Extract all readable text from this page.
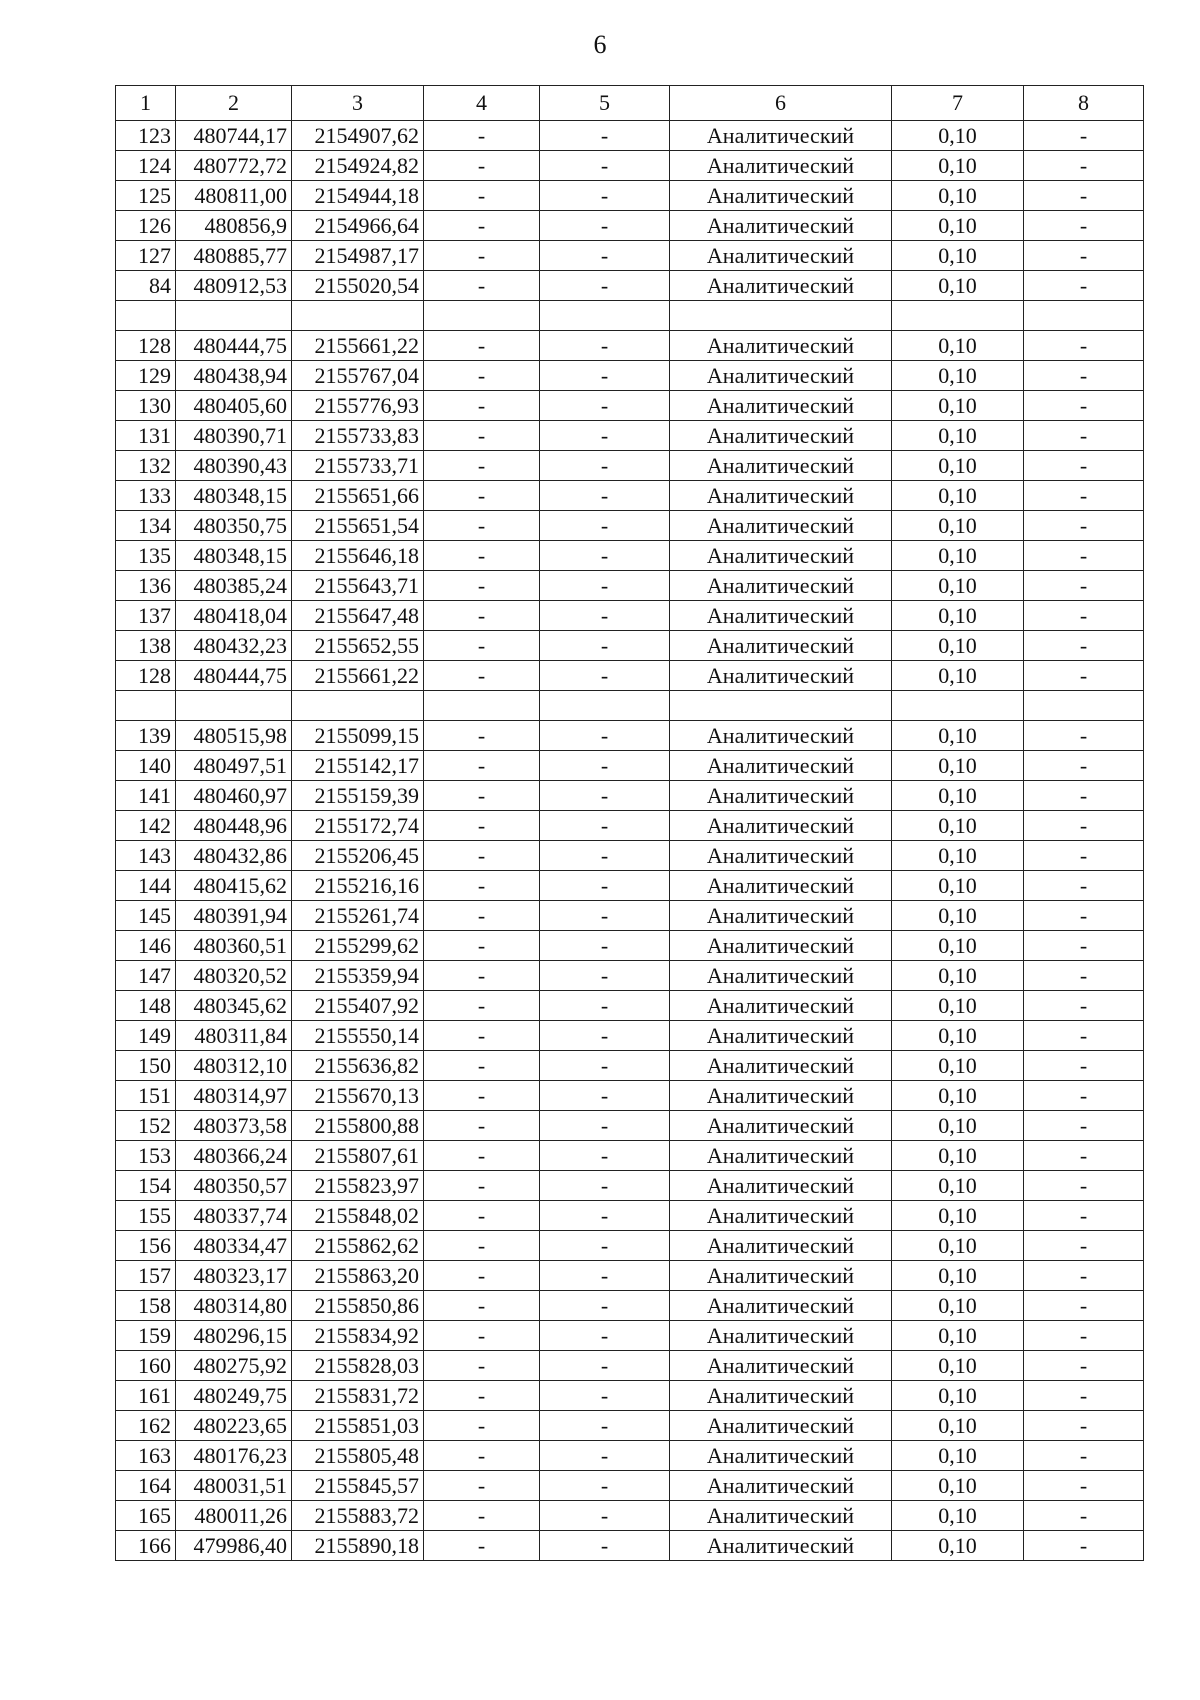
6
1	2	3	4	5	6	7	8
123	480744,17	2154907,62	-	-	Аналитический	0,10	-
124	480772,72	2154924,82	-	-	Аналитический	0,10	-
125	480811,00	2154944,18	-	-	Аналитический	0,10	-
126	480856,9	2154966,64	-	-	Аналитический	0,10	-
127	480885,77	2154987,17	-	-	Аналитический	0,10	-
84	480912,53	2155020,54	-	-	Аналитический	0,10	-

128	480444,75	2155661,22	-	-	Аналитический	0,10	-
129	480438,94	2155767,04	-	-	Аналитический	0,10	-
130	480405,60	2155776,93	-	-	Аналитический	0,10	-
131	480390,71	2155733,83	-	-	Аналитический	0,10	-
132	480390,43	2155733,71	-	-	Аналитический	0,10	-
133	480348,15	2155651,66	-	-	Аналитический	0,10	-
134	480350,75	2155651,54	-	-	Аналитический	0,10	-
135	480348,15	2155646,18	-	-	Аналитический	0,10	-
136	480385,24	2155643,71	-	-	Аналитический	0,10	-
137	480418,04	2155647,48	-	-	Аналитический	0,10	-
138	480432,23	2155652,55	-	-	Аналитический	0,10	-
128	480444,75	2155661,22	-	-	Аналитический	0,10	-

139	480515,98	2155099,15	-	-	Аналитический	0,10	-
140	480497,51	2155142,17	-	-	Аналитический	0,10	-
141	480460,97	2155159,39	-	-	Аналитический	0,10	-
142	480448,96	2155172,74	-	-	Аналитический	0,10	-
143	480432,86	2155206,45	-	-	Аналитический	0,10	-
144	480415,62	2155216,16	-	-	Аналитический	0,10	-
145	480391,94	2155261,74	-	-	Аналитический	0,10	-
146	480360,51	2155299,62	-	-	Аналитический	0,10	-
147	480320,52	2155359,94	-	-	Аналитический	0,10	-
148	480345,62	2155407,92	-	-	Аналитический	0,10	-
149	480311,84	2155550,14	-	-	Аналитический	0,10	-
150	480312,10	2155636,82	-	-	Аналитический	0,10	-
151	480314,97	2155670,13	-	-	Аналитический	0,10	-
152	480373,58	2155800,88	-	-	Аналитический	0,10	-
153	480366,24	2155807,61	-	-	Аналитический	0,10	-
154	480350,57	2155823,97	-	-	Аналитический	0,10	-
155	480337,74	2155848,02	-	-	Аналитический	0,10	-
156	480334,47	2155862,62	-	-	Аналитический	0,10	-
157	480323,17	2155863,20	-	-	Аналитический	0,10	-
158	480314,80	2155850,86	-	-	Аналитический	0,10	-
159	480296,15	2155834,92	-	-	Аналитический	0,10	-
160	480275,92	2155828,03	-	-	Аналитический	0,10	-
161	480249,75	2155831,72	-	-	Аналитический	0,10	-
162	480223,65	2155851,03	-	-	Аналитический	0,10	-
163	480176,23	2155805,48	-	-	Аналитический	0,10	-
164	480031,51	2155845,57	-	-	Аналитический	0,10	-
165	480011,26	2155883,72	-	-	Аналитический	0,10	-
166	479986,40	2155890,18	-	-	Аналитический	0,10	-
